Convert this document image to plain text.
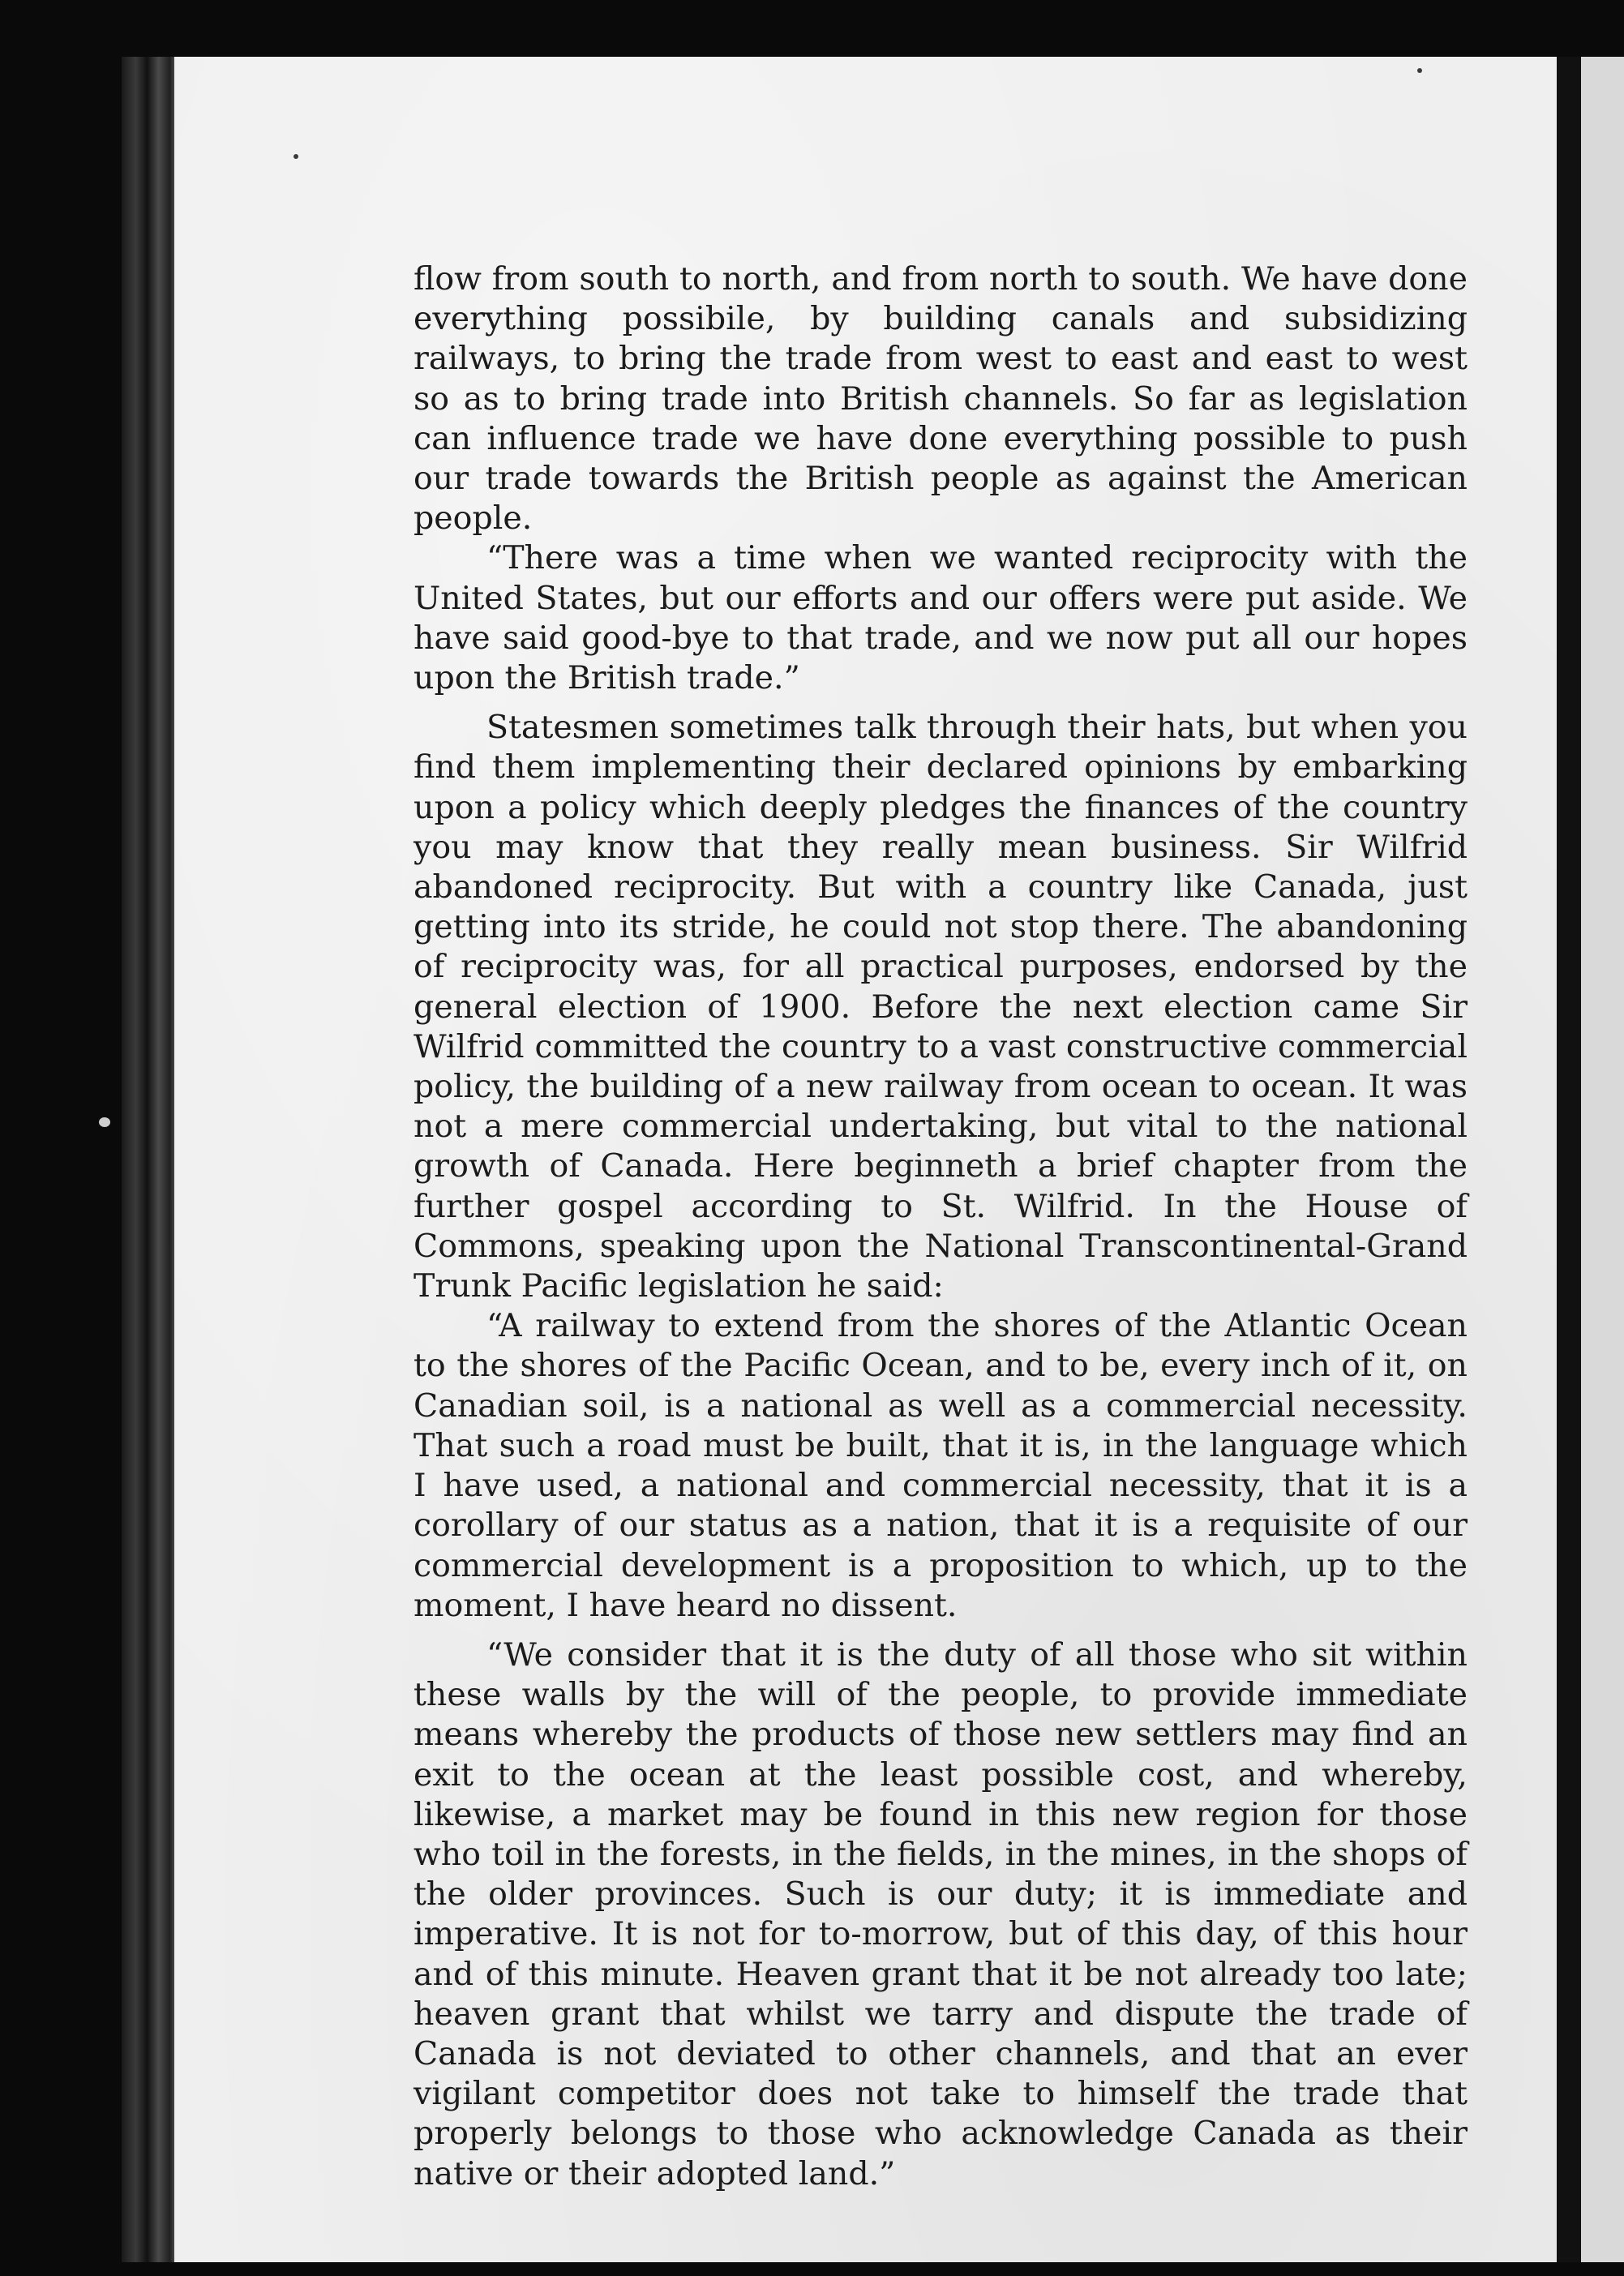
flow from south to north, and from north to south. We have done everything possibile, by building canals and subsidizing railways, to bring the trade from west to east and east to west so as to bring trade into British channels. So far as legislation can influence trade we have done everything possible to push our trade towards the British people as against the American people.

“There was a time when we wanted reciprocity with the United States, but our efforts and our offers were put aside. We have said good-bye to that trade, and we now put all our hopes upon the British trade.”

Statesmen sometimes talk through their hats, but when you find them implementing their declared opinions by embarking upon a policy which deeply pledges the finances of the country you may know that they really mean business. Sir Wilfrid abandoned reciprocity. But with a country like Canada, just getting into its stride, he could not stop there. The abandoning of reciprocity was, for all practical purposes, endorsed by the general election of 1900. Before the next election came Sir Wilfrid committed the country to a vast constructive commercial policy, the building of a new railway from ocean to ocean. It was not a mere commercial undertaking, but vital to the national growth of Canada. Here beginneth a brief chapter from the further gospel according to St. Wilfrid. In the House of Commons, speaking upon the National Transcontinental-Grand Trunk Pacific legislation he said:

“A railway to extend from the shores of the Atlantic Ocean to the shores of the Pacific Ocean, and to be, every inch of it, on Canadian soil, is a national as well as a commercial necessity. That such a road must be built, that it is, in the language which I have used, a national and commercial necessity, that it is a corollary of our status as a nation, that it is a requisite of our commercial development is a proposition to which, up to the moment, I have heard no dissent.

“We consider that it is the duty of all those who sit within these walls by the will of the people, to provide immediate means whereby the products of those new settlers may find an exit to the ocean at the least possible cost, and whereby, likewise, a market may be found in this new region for those who toil in the forests, in the fields, in the mines, in the shops of the older provinces. Such is our duty; it is immediate and imperative. It is not for to-morrow, but of this day, of this hour and of this minute. Heaven grant that it be not already too late; heaven grant that whilst we tarry and dispute the trade of Canada is not deviated to other channels, and that an ever vigilant competitor does not take to himself the trade that properly belongs to those who acknowledge Canada as their native or their adopted land.”
